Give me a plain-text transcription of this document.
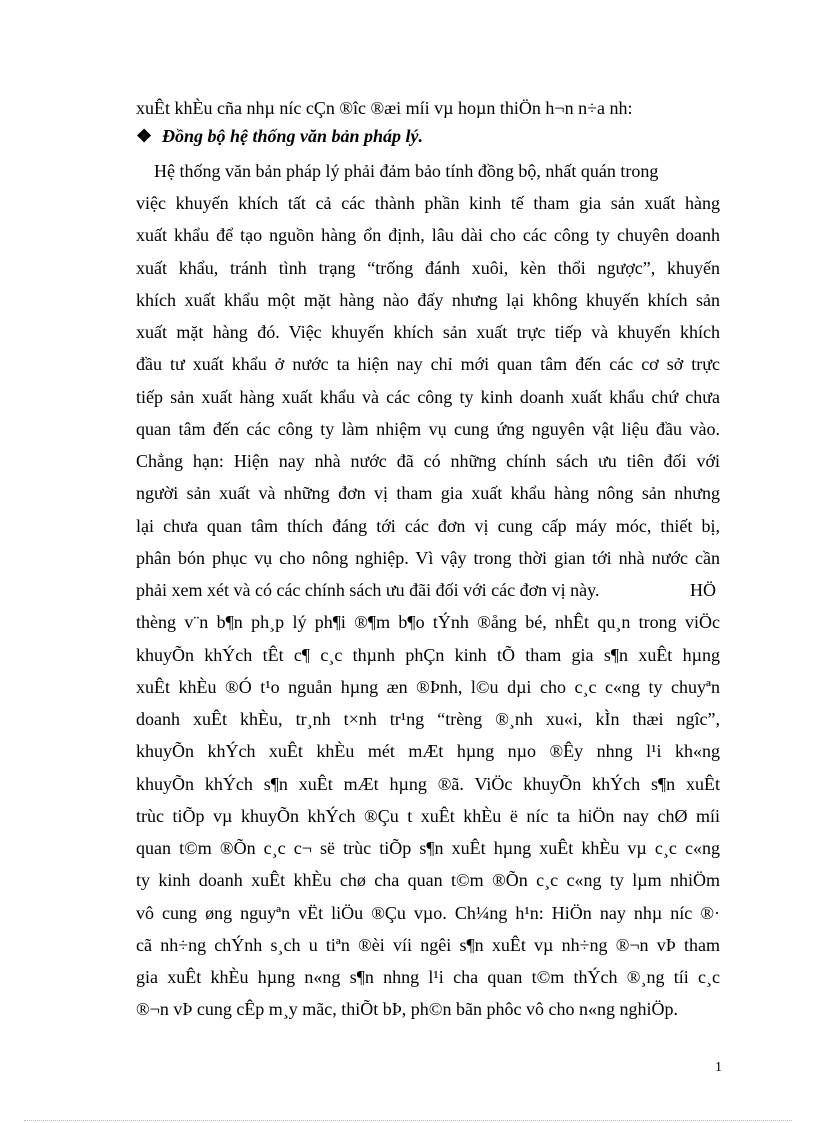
xuÊt khÈu cña nhµ níc cÇn ®îc ®æi míi vµ hoµn thiÖn h¬n n÷a nh:
❖ Đồng bộ hệ thống văn bản pháp lý.
Hệ thống văn bản pháp lý phải đảm bảo tính đồng bộ, nhất quán trong
việc khuyến khích tất cả các thành phần kinh tế tham gia sản xuất hàng
xuất khẩu để tạo nguồn hàng ổn định, lâu dài cho các công ty chuyên doanh
xuất khẩu, tránh tình trạng “trống đánh xuôi, kèn thổi ngược”, khuyến
khích xuất khẩu một mặt hàng nào đấy nhưng lại không khuyến khích sản
xuất mặt hàng đó. Việc khuyến khích sản xuất trực tiếp và khuyến khích
đầu tư xuất khẩu ở nước ta hiện nay chỉ mới quan tâm đến các cơ sở trực
tiếp sản xuất hàng xuất khẩu và các công ty kinh doanh xuất khẩu chứ chưa
quan tâm đến các công ty làm nhiệm vụ cung ứng nguyên vật liệu đầu vào.
Chẳng hạn: Hiện nay nhà nước đã có những chính sách ưu tiên đối với
người sản xuất và những đơn vị tham gia xuất khẩu hàng nông sản nhưng
lại chưa quan tâm thích đáng tới các đơn vị cung cấp máy móc, thiết bị,
phân bón phục vụ cho nông nghiệp. Vì vậy trong thời gian tới nhà nước cần
phải xem xét và có các chính sách ưu đãi đối với các đơn vị này.	HÖ
thèng v¨n b¶n ph¸p lý ph¶i ®¶m b¶o tÝnh ®ång bé, nhÊt qu¸n trong viÖc
khuyÕn khÝch tÊt c¶ c¸c thµnh phÇn kinh tÕ tham gia s¶n xuÊt hµng
xuÊt khÈu ®Ó t¹o nguån hµng æn ®Þnh, l©u dµi cho c¸c c«ng ty chuyªn
doanh xuÊt khÈu, tr¸nh t×nh tr¹ng “trèng ®¸nh xu«i, kÌn thæi ngîc”,
khuyÕn khÝch xuÊt khÈu mét mÆt hµng nµo ®Êy nhng l¹i kh«ng
khuyÕn khÝch s¶n xuÊt mÆt hµng ®ã. ViÖc khuyÕn khÝch s¶n xuÊt
trùc tiÕp vµ khuyÕn khÝch ®Çu t xuÊt khÈu ë níc ta hiÖn nay chØ míi
quan t©m ®Õn c¸c c¬ së trùc tiÕp s¶n xuÊt hµng xuÊt khÈu vµ c¸c c«ng
ty kinh doanh xuÊt khÈu chø cha quan t©m ®Õn c¸c c«ng ty lµm nhiÖm
vô cung øng nguyªn vËt liÖu ®Çu vµo. Ch¼ng h¹n: HiÖn nay nhµ níc ®·
cã nh÷ng chÝnh s¸ch u tiªn ®èi víi ngêi s¶n xuÊt vµ nh÷ng ®¬n vÞ tham
gia xuÊt khÈu hµng n«ng s¶n nhng l¹i cha quan t©m thÝch ®¸ng tíi c¸c
®¬n vÞ cung cÊp m¸y mãc, thiÕt bÞ, ph©n bãn phôc vô cho n«ng nghiÖp.
1
